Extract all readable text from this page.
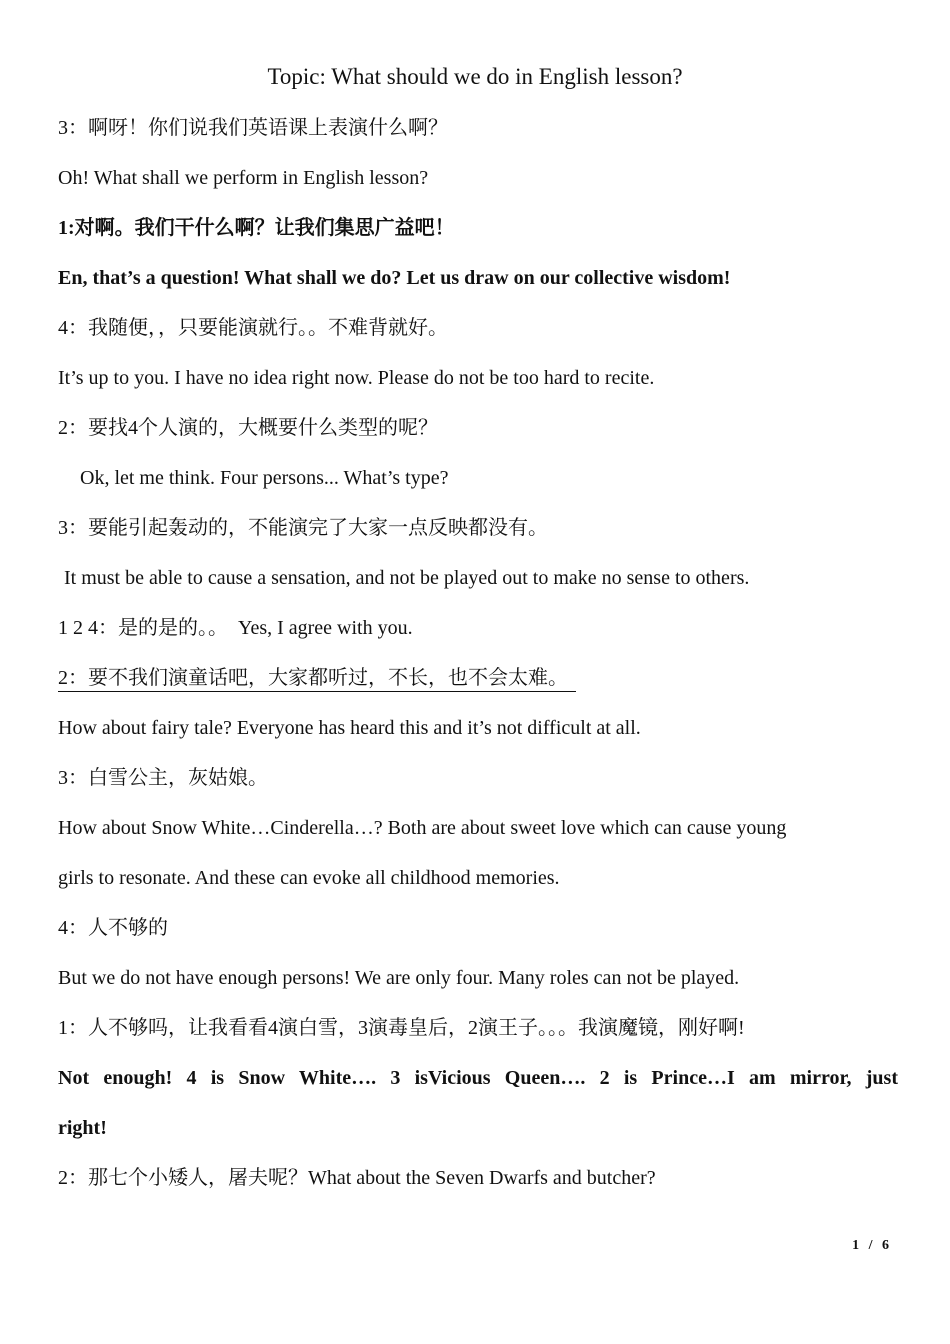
Topic: What should we do in English lesson?
3：啊呀！你们说我们英语课上表演什么啊？
Oh! What shall we perform in English lesson?
1:对啊。我们干什么啊？让我们集思广益吧！
En, that’s a question! What shall we do? Let us draw on our collective wisdom!
4：我随便，，只要能演就行。。不难背就好。
It’s up to you. I have no idea right now. Please do not be too hard to recite.
2：要找4个人演的，大概要什么类型的呢？
Ok, let me think. Four persons... What’s type?
3：要能引起轰动的，不能演完了大家一点反映都没有。
It must be able to cause a sensation, and not be played out to make no sense to others.
1 2 4：是的是的。。  Yes, I agree with you.
2：要不我们演童话吧，大家都听过，不长，也不会太难。
How about fairy tale? Everyone has heard this and it’s not difficult at all.
3：白雪公主，灰姑娘。
How about Snow White…Cinderella…? Both are about sweet love which can cause young
girls to resonate. And these can evoke all childhood memories.
4：人不够的
But we do not have enough persons! We are only four. Many roles can not be played.
1：人不够吗，让我看看4演白雪，3演毒皇后，2演王子。。。我演魔镜，刚好啊!
Not enough! 4 is Snow White…. 3 isVicious Queen…. 2 is Prince…I am mirror, just
right!
2：那七个小矮人，屠夫呢？What about the Seven Dwarfs and butcher?
1 / 6
